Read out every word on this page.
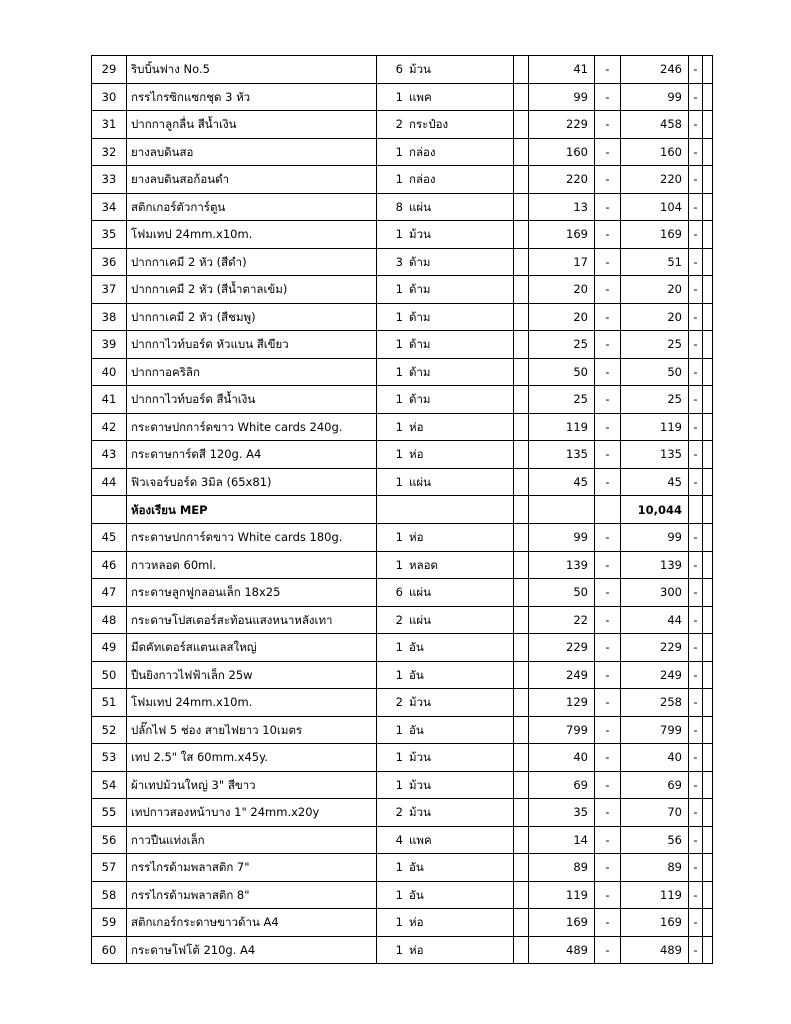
29	ริบบิ้นฟาง No.5	6 ม้วน		41	-	246	-	
30	กรรไกรซิกแซกชุด 3 หัว	1 แพค		99	-	99	-	
31	ปากกาลูกลื่น สีน้ำเงิน	2 กระป๋อง		229	-	458	-	
32	ยางลบดินสอ	1 กล่อง		160	-	160	-	
33	ยางลบดินสอก้อนดำ	1 กล่อง		220	-	220	-	
34	สติกเกอร์ตัวการ์ตูน	8 แผ่น		13	-	104	-	
35	โฟมเทป 24mm.x10m.	1 ม้วน		169	-	169	-	
36	ปากกาเคมี 2 หัว (สีดำ)	3 ด้าม		17	-	51	-	
37	ปากกาเคมี 2 หัว (สีน้ำตาลเข้ม)	1 ด้าม		20	-	20	-	
38	ปากกาเคมี 2 หัว (สีชมพู)	1 ด้าม		20	-	20	-	
39	ปากกาไวท์บอร์ด หัวแบน สีเขียว	1 ด้าม		25	-	25	-	
40	ปากกาอคริลิก	1 ด้าม		50	-	50	-	
41	ปากกาไวท์บอร์ด สีน้ำเงิน	1 ด้าม		25	-	25	-	
42	กระดาษปกการ์ดขาว White cards 240g.	1 ห่อ		119	-	119	-	
43	กระดาษการ์ดสี 120g. A4	1 ห่อ		135	-	135	-	
44	ฟิวเจอร์บอร์ด 3มิล (65x81)	1 แผ่น		45	-	45	-	
	ห้องเรียน MEP					10,044		
45	กระดาษปกการ์ดขาว White cards 180g.	1 ห่อ		99	-	99	-	
46	กาวหลอด 60ml.	1 หลอด		139	-	139	-	
47	กระดาษลูกฟูกลอนเล็ก 18x25	6 แผ่น		50	-	300	-	
48	กระดาษโปสเตอร์สะท้อนแสงหนาหลังเทา	2 แผ่น		22	-	44	-	
49	มีดคัทเตอร์สแตนเลสใหญ่	1 อัน		229	-	229	-	
50	ปืนยิงกาวไฟฟ้าเล็ก 25w	1 อัน		249	-	249	-	
51	โฟมเทป 24mm.x10m.	2 ม้วน		129	-	258	-	
52	ปลั๊กไฟ 5 ช่อง สายไฟยาว 10เมตร	1 อัน		799	-	799	-	
53	เทป 2.5" ใส 60mm.x45y.	1 ม้วน		40	-	40	-	
54	ผ้าเทปม้วนใหญ่ 3" สีขาว	1 ม้วน		69	-	69	-	
55	เทปกาวสองหน้าบาง 1" 24mm.x20y	2 ม้วน		35	-	70	-	
56	กาวปืนแท่งเล็ก	4 แพค		14	-	56	-	
57	กรรไกรด้ามพลาสติก 7"	1 อัน		89	-	89	-	
58	กรรไกรด้ามพลาสติก 8"	1 อัน		119	-	119	-	
59	สติกเกอร์กระดาษขาวด้าน A4	1 ห่อ		169	-	169	-	
60	กระดาษโฟโต้ 210g. A4	1 ห่อ		489	-	489	-	
